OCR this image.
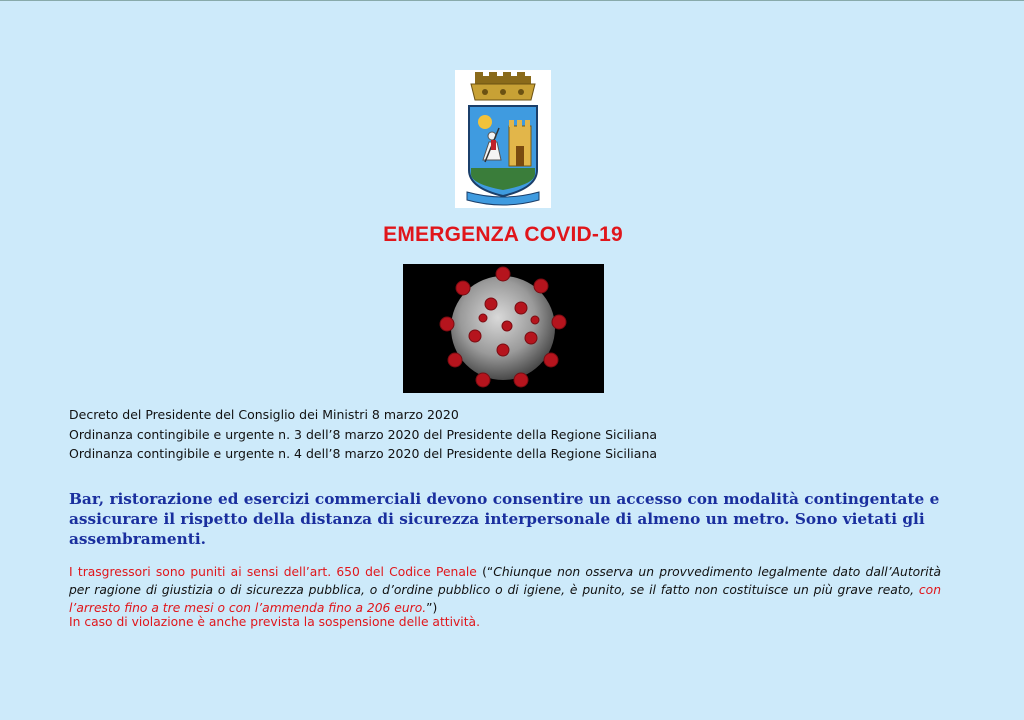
EMERGENZA COVID-19
Decreto del Presidente del Consiglio dei Ministri 8 marzo 2020
Ordinanza contingibile e urgente n. 3 dell’8 marzo 2020 del Presidente della Regione Siciliana
Ordinanza contingibile e urgente n. 4 dell’8 marzo 2020 del Presidente della Regione Siciliana
Bar, ristorazione ed esercizi commerciali devono consentire un accesso con modalità contingentate e assicurare il rispetto della distanza di sicurezza interpersonale di almeno un metro. Sono vietati gli assembramenti.
I trasgressori sono puniti ai sensi dell’art. 650 del Codice Penale (“Chiunque non osserva un provvedimento legalmente dato dall’Autorità per ragione di giustizia o di sicurezza pubblica, o d’ordine pubblico o di igiene, è punito, se il fatto non costituisce un più grave reato, con l’arresto fino a tre mesi o con l’ammenda fino a 206 euro.”)
In caso di violazione è anche prevista la sospensione delle attività.
